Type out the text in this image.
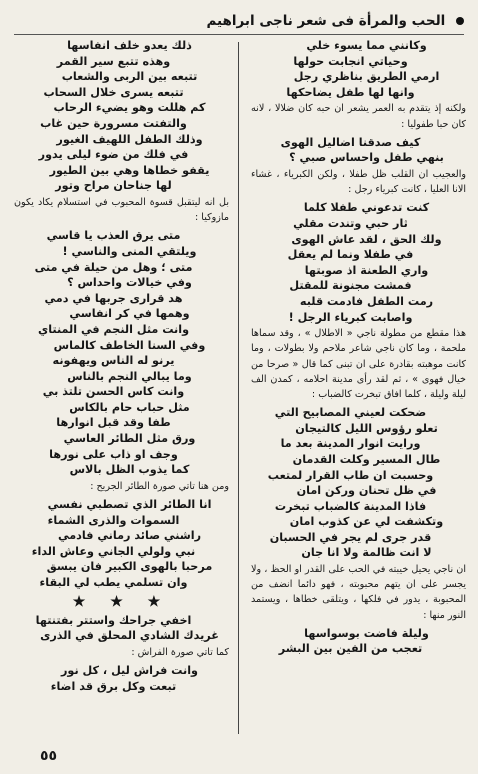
الحب والمرأة فى شعر ناجى ابراهيم
وكانني مما يسوء خلي
وحياتي انجابت حولها
ارمي الطريق بناظري رجل
وانها لها طفل يضاحكها
ولكنه إذ يتقدم به العمر يشعر ان حبه كان ضلالا ، لانه كان حبا طفوليا :
كيف صدقنا اضاليل الهوى
بنهي طفل واحساس صبي ؟
والعجيب ان القلب ظل طفلا ، ولكن الكبرياء ، غشاء الانا العليا ، كانت كبرياء رجل :
كنت تدعوني طفلا كلما
ثار حبي وتندت مقلي
ولك الحق ، لقد عاش الهوى
في طفلا ونما لم يعقل
واري الطعنة اذ صوبتها
فمشت مجنونة للمقتل
رمت الطفل فادمت قلبه
واصابت كبرياء الرجل !
هذا مقطع من مطولة ناجي « الاطلال » ، وقد سماها ملحمة ، وما كان ناجي شاعر ملاحم ولا بطولات ، وما كانت موهبته بقادرة على ان تبنى كما قال « صرحا من خيال فهوى » ، ثم لقد رأى مدينة احلامه ، كمدن الف ليلة وليلة ، كلما افاق تبخرت كالضباب :
ضحكت لعيني المصابيح التي
تعلو رؤوس الليل كالتيجان
ورايت انوار المدينة بعد ما
طال المسير وكلت القدمان
وحسبت ان طاب القرار لمتعب
في ظل تحنان وركن امان
فاذا المدينة كالضباب تبخرت
وتكشفت لي عن كذوب امان
قدر جرى لم يجر في الحسبان
لا انت ظالمة ولا انا جان
ان ناجي يحيل خيبته في الحب على القدر او الحظ ، ولا يجسر على ان يتهم محبوبته ، فهو دائما انضف من المحبوبة ، يدور في فلكها ، ويتلقى خطاها ، ويستمد النور منها :
وليلة فاضت بوسواسها
تعجب من الفين بين البشر
ذلك يعدو خلف انفاسها
وهذه تتبع سير القمر
تتبعه بين الربى والشعاب
تتبعه يسرى خلال السحاب
كم هللت وهو يضيء الرحاب
والتفتت مسرورة حين غاب
وذلك الطفل اللهيف الغيور
في فلك من ضوء ليلى يدور
يقفو خطاها وهي بين الطيور
لها جناحان مراح وتور
بل انه ليتقبل قسوة المحبوب في استسلام يكاد يكون مازوكيا :
متى يرق العذب يا قاسي
ويلتقي المنى والناسي !
متى ؛ وهل من حيلة في متى
وفي خيالات واحداس ؟
هد قرارى جربها في دمي
وهمها في كر انفاسي
وانت مثل النجم في المنتاي
وفي السنا الخاطف كالماس
يرنو له الناس ويهفونه
وما يبالي النجم بالناس
وانت كاس الحسن تلتذ بي
مثل حباب حام بالكاس
طفا وقد قبل انوارها
ورق مثل الطائر العاسي
وجف او ذاب على نورها
كما يذوب الظل بالاس
ومن هنا تاتي صورة الطائر الجريح :
انا الطائر الذي تصطبي نفسي
السموات والذرى الشماء
راشني صائد رماني فادمي
نبي ولولي الجاني وعاش الداء
مرحبا بالهوى الكبير فان يبسق
وان تسلمي يطب لي البقاء
★ ★ ★
اخفي جراحك واستتر بفتنتها
غريدك الشادي المحلق في الذرى
كما تاتي صورة الفراش :
وانت فراش ليل ، كل نور
تبعت وكل برق قد اضاء
٥٥
